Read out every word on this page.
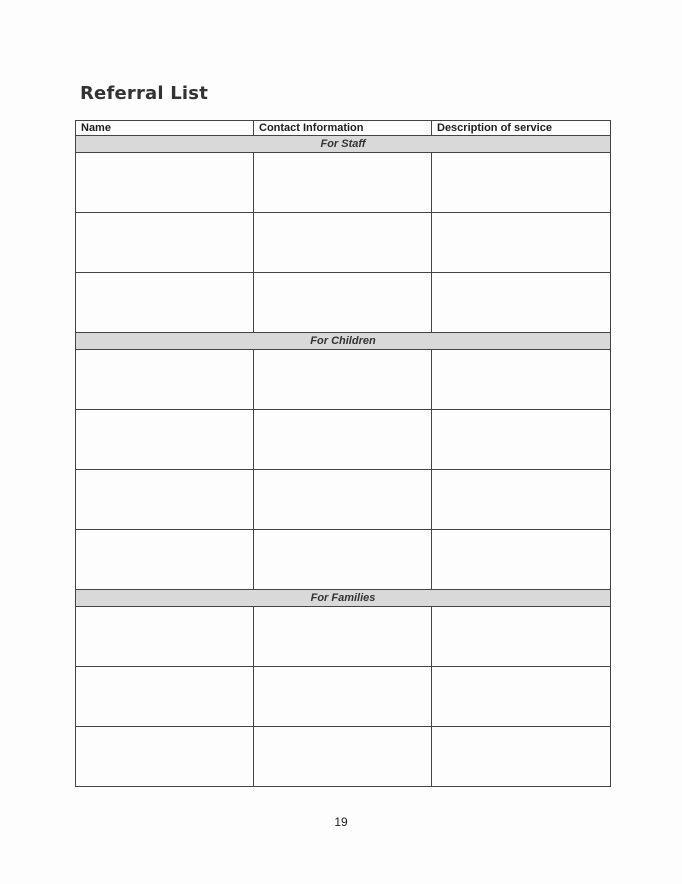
Referral List
Name	Contact Information	Description of service
For Staff		

For Children		

For Families		

19
